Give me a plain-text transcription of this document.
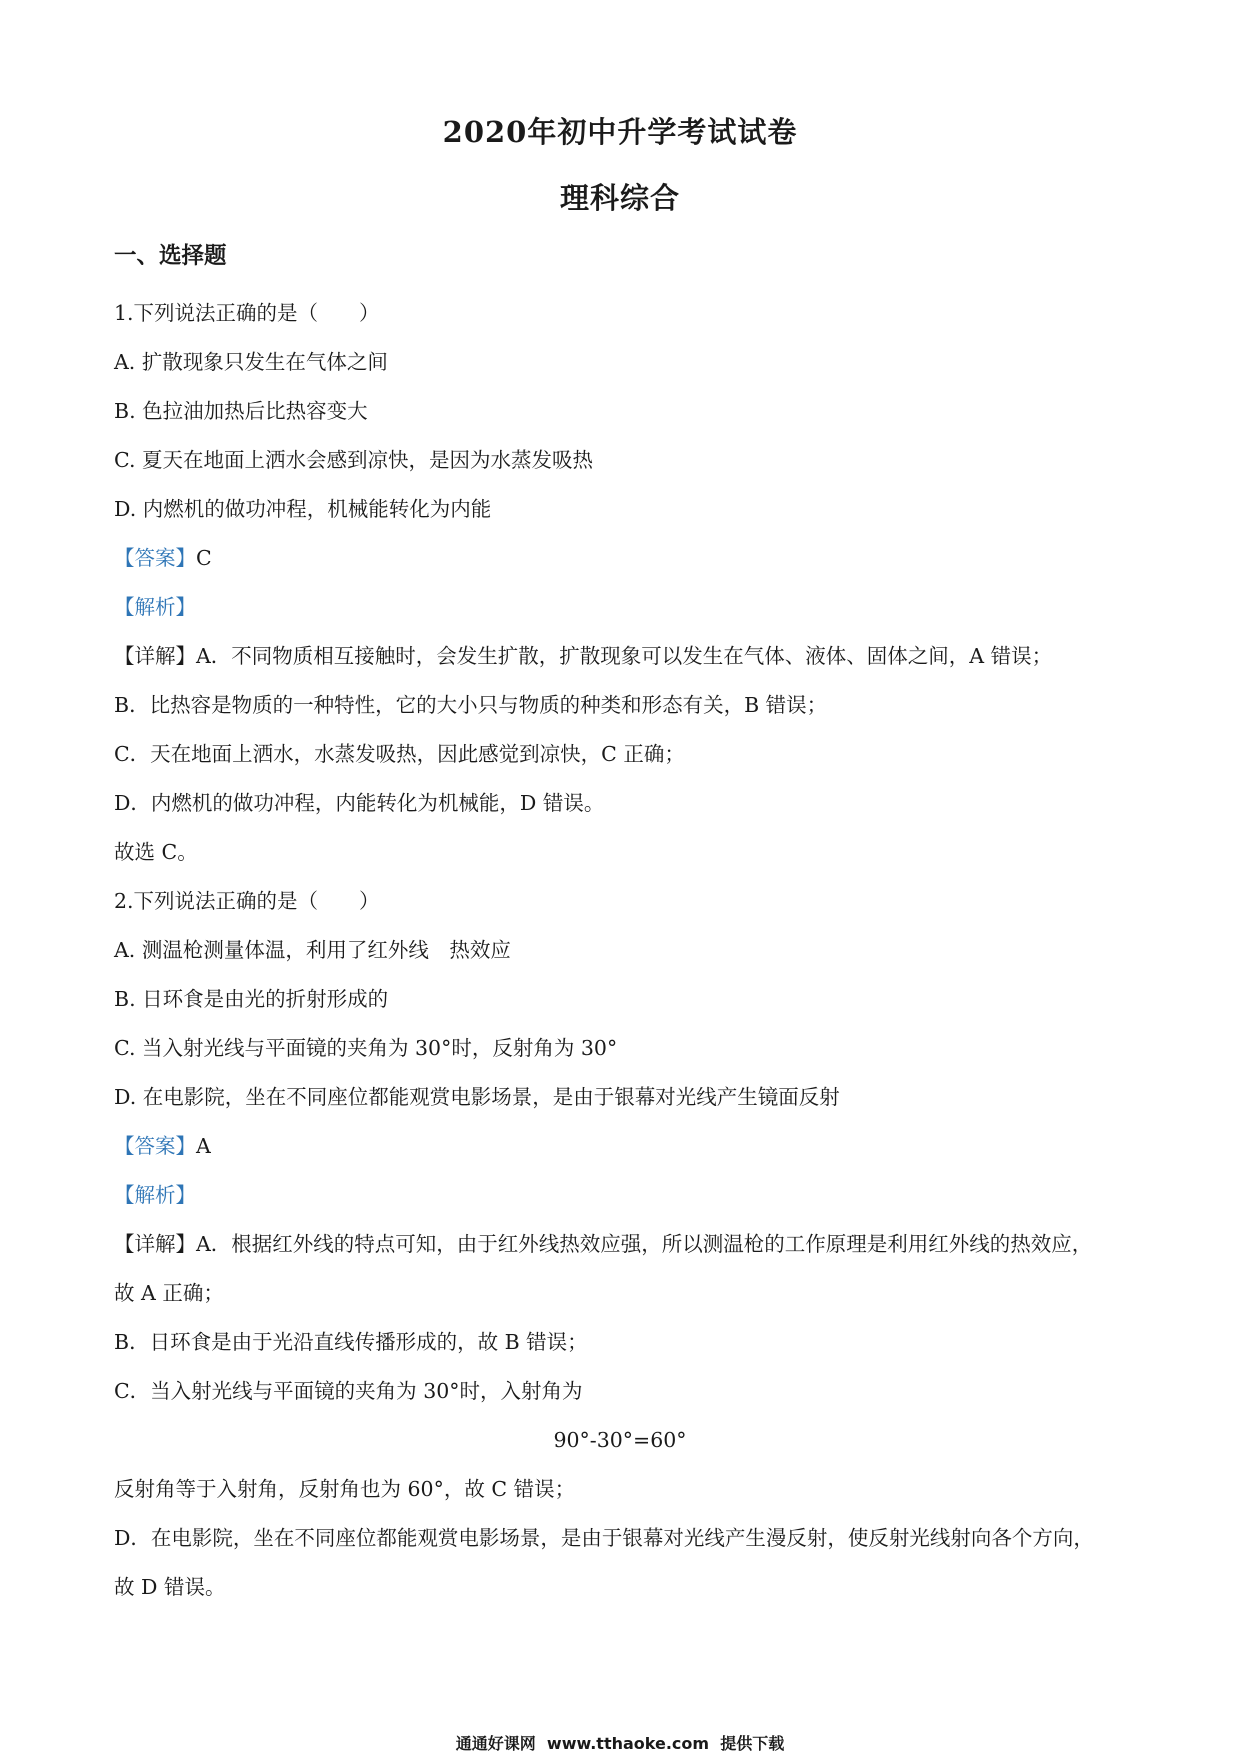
2020年初中升学考试试卷
理科综合
一、选择题
1.下列说法正确的是（　　）
A. 扩散现象只发生在气体之间
B. 色拉油加热后比热容变大
C. 夏天在地面上洒水会感到凉快，是因为水蒸发吸热
D. 内燃机的做功冲程，机械能转化为内能
【答案】C
【解析】
【详解】A．不同物质相互接触时，会发生扩散，扩散现象可以发生在气体、液体、固体之间，A 错误；
B．比热容是物质的一种特性，它的大小只与物质的种类和形态有关，B 错误；
C．天在地面上洒水，水蒸发吸热，因此感觉到凉快，C 正确；
D．内燃机的做功冲程，内能转化为机械能，D 错误。
故选 C。
2.下列说法正确的是（　　）
A. 测温枪测量体温，利用了红外线　热效应
B. 日环食是由光的折射形成的
C. 当入射光线与平面镜的夹角为 30°时，反射角为 30°
D. 在电影院，坐在不同座位都能观赏电影场景，是由于银幕对光线产生镜面反射
【答案】A
【解析】
【详解】A．根据红外线的特点可知，由于红外线热效应强，所以测温枪的工作原理是利用红外线的热效应，
故 A 正确；
B．日环食是由于光沿直线传播形成的，故 B 错误；
C．当入射光线与平面镜的夹角为 30°时，入射角为
90°-30°=60°
反射角等于入射角，反射角也为 60°，故 C 错误；
D．在电影院，坐在不同座位都能观赏电影场景，是由于银幕对光线产生漫反射，使反射光线射向各个方向，
故 D 错误。
通通好课网  www.tthaoke.com  提供下载
